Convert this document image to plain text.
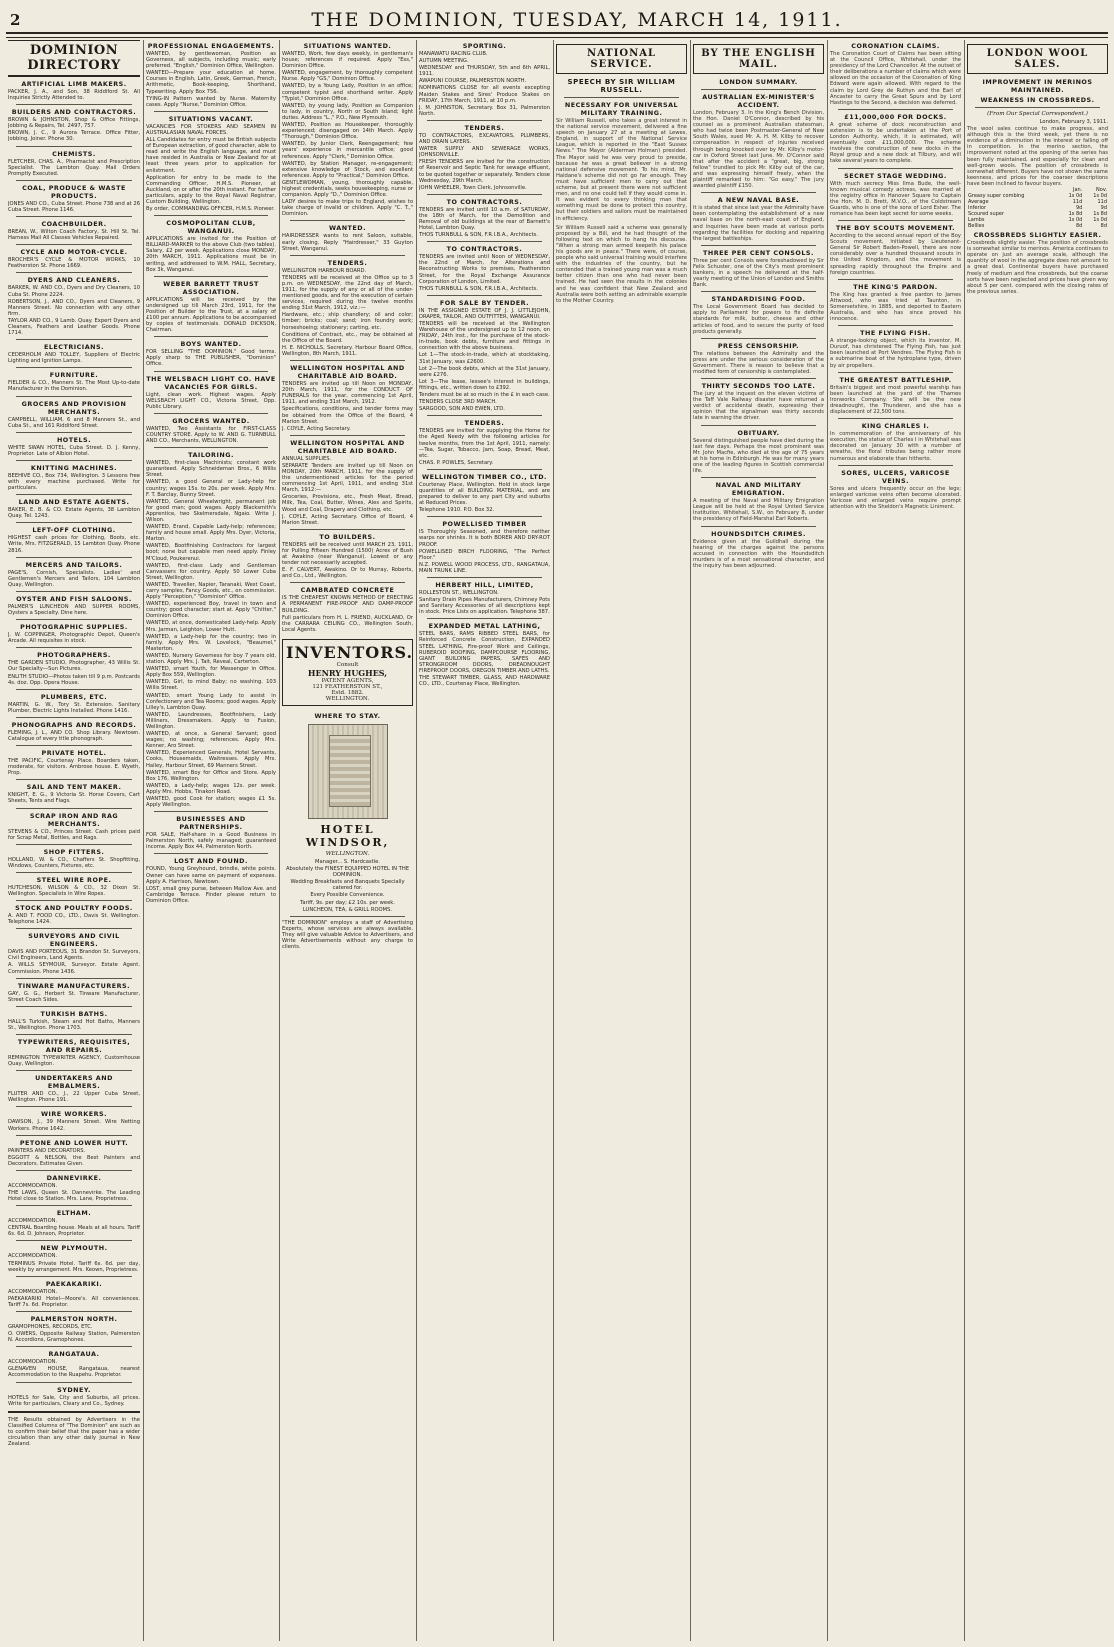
2	THE DOMINION, TUESDAY, MARCH 14, 1911.
DOMINION DIRECTORY
ARTIFICIAL LIMB MAKERS.
PACKER, J. A., and Son, 38 Riddiford St. All Inquiries Strictly Attended to.
BUILDERS AND CONTRACTORS.
BROWN & JOHNSTON, Shop & Office Fittings, Jobbing & Repairs, Tel. 2497, 757.
BROWN, J. C., 9 Aurora Terrace. Office Fitter, Jobbing, Joiner. Phone 30.
CHEMISTS.
FLETCHER, CHAS. A., Pharmacist and Prescription Specialist. The Lambton Quay. Mail Orders Promptly Executed.
COAL, PRODUCE & WASTE PRODUCTS.
JONES AND CO., Cuba Street. Phone 738 and at 26 Cuba Street. Phone 1146.
COACHBUILDER.
BREAN, W., Wilton Coach Factory, St. Hill St. Tel. Harness Mail All Classes Vehicles Repaired.
CYCLE AND MOTOR-CYCLE.
BROCHER'S CYCLE & MOTOR WORKS, 10 Featherston St. Phone 1669.
DYERS AND CLEANERS.
BARKER, W. AND CO., Dyers and Dry Cleaners, 10 Cuba St. Phone 2224.
ROBERTSON, J., AND CO., Dyers and Cleaners, 9 Manners Street. No connection with any other firm.
TAYLOR AND CO., 9 Lamb. Quay. Expert Dyers and Cleaners, Feathers and Leather Goods. Phone 1714.
ELECTRICIANS.
CEDERHOLM AND TOLLEY, Suppliers of Electric Lighting and Ignition Lamps.
FURNITURE.
FIELDER & CO., Manners St. The Most Up-to-date Manufacturer in the Dominion.
GROCERS AND PROVISION MERCHANTS.
CAMPBELL, WILLIAM, 6 and 8 Manners St., and Cuba St., and 161 Riddiford Street.
HOTELS.
WHITE SWAN HOTEL, Cuba Street. D. J. Kenny, Proprietor. Late of Albion Hotel.
KNITTING MACHINES.
BEEHIVE CO., Box 734, Wellington. 3 Lessons free with every machine purchased. Write for particulars.
LAND AND ESTATE AGENTS.
BAKER, E. B. & CO. Estate Agents, 38 Lambton Quay. Tel. 1243.
LEFT-OFF CLOTHING.
HIGHEST cash prices for Clothing, Boots, etc. Write, Mrs. FITZGERALD, 15 Lambton Quay. Phone 2816.
MERCERS AND TAILORS.
PAGE'S, Cornish, Specialists. Ladies' and Gentlemen's Mercers and Tailors, 104 Lambton Quay, Wellington.
OYSTER AND FISH SALOONS.
PALMER'S LUNCHEON AND SUPPER ROOMS, Oysters a Specialty. Dine here.
PHOTOGRAPHIC SUPPLIES.
J. W. COPPINGER, Photographic Depot, Queen's Arcade. All requisites in stock.
PHOTOGRAPHERS.
THE GARDEN STUDIO, Photographer, 43 Willis St. Our Specialty—Sun Pictures.
ENLITH STUDIO—Photos taken till 9 p.m. Postcards 4s. doz. Opp. Opera House.
PLUMBERS, ETC.
MARTIN, G. W., Tory St. Extension. Sanitary Plumber, Electric Lights Installed. Phone 1416.
PHONOGRAPHS AND RECORDS.
FLEMING, J. L., AND CO. Shop Library. Newtown. Catalogue of every title phonograph.
PRIVATE HOTEL.
THE PACIFIC, Courtenay Place. Boarders taken, moderate, for visitors. Ambrose house. E. Wyeth, Prop.
SAIL AND TENT MAKER.
KNIGHT, E. G., 9 Victoria St. Horse Covers, Cart Sheets, Tents and Flags.
SCRAP IRON AND RAG MERCHANTS.
STEVENS & CO., Princes Street. Cash prices paid for Scrap Metal, Bottles, and Rags.
SHOP FITTERS.
HOLLAND, W. & CO., Chaffers St. Shopfitting, Windows, Counters, Fixtures, etc.
STEEL WIRE ROPE.
HUTCHESON, WILSON & CO., 32 Dixon St. Wellington. Specialists in Wire Ropes.
STOCK AND POULTRY FOODS.
A. AND T. FOOD CO., LTD., Davis St. Wellington. Telephone 1424.
SURVEYORS AND CIVIL ENGINEERS.
DAVIS AND PORTEOUS, 31 Brandon St. Surveyors, Civil Engineers, Land Agents.
A. WILLS SEYMOUR, Surveyor. Estate Agent. Commission. Phone 1436.
TINWARE MANUFACTURERS.
GAY, G. G., Herbert St. Tinware Manufacturer, Street Coach Sides.
TURKISH BATHS.
HALL'S Turkish, Steam and Hot Baths, Manners St., Wellington. Phone 1703.
TYPEWRITERS, REQUISITES, AND REPAIRS.
REMINGTON TYPEWRITER AGENCY, Customhouse Quay, Wellington.
UNDERTAKERS AND EMBALMERS.
FLUTER AND CO., J., 22 Upper Cuba Street, Wellington. Phone 191.
WIRE WORKERS.
DAWSON, J., 39 Manners Street. Wire Netting Workers. Phone 1642.
PETONE AND LOWER HUTT.
PAINTERS AND DECORATORS.
EGGOTT & NELSON, the Best Painters and Decorators. Estimates Given.
DANNEVIRKE.
ACCOMMODATION.
THE LAWS, Queen St. Dannevirke. The Leading Hotel close to Station. Mrs. Lane, Proprietress.
ELTHAM.
ACCOMMODATION.
CENTRAL Boarding house. Meals at all hours. Tariff 6s. 6d. D. Johnson, Proprietor.
NEW PLYMOUTH.
ACCOMMODATION.
TERMINUS Private Hotel. Tariff 6s. 6d. per day, weekly by arrangement. Mrs. Keown, Proprietress.
PAEKAKARIKI.
ACCOMMODATION.
PAEKAKARIKI Hotel—Moore's. All conveniences. Tariff 7s. 6d. Proprietor.
PALMERSTON NORTH.
GRAMOPHONES, RECORDS, ETC.
O. OWERS, Opposite Railway Station, Palmerston N. Accordions, Gramophones.
RANGATAUA.
ACCOMMODATION.
GLENAVEN HOUSE, Rangataua, nearest Accommodation to the Ruapehu. Proprietor.
SYDNEY.
HOTELS for Sale, City and Suburbs, all prices. Write for particulars, Cleary and Co., Sydney.
THE Results obtained by Advertisers in the Classified Columns of "The Dominion" are such as to confirm their belief that the paper has a wider circulation than any other daily journal in New Zealand.
PROFESSIONAL ENGAGEMENTS.
WANTED, by gentlewoman, Position as Governess, all subjects, including music; early preferred. "English," Dominion Office, Wellington.
WANTED—Prepare your education at home. Courses in English, Latin, Greek, German, French, Arithmetic, Book-keeping, Shorthand, Typewriting. Apply Box 756.
TYING-IN Pattern wanted by Nurse. Maternity cases. Apply "Nurse," Dominion Office.
SITUATIONS VACANT.
VACANCIES FOR STOKERS AND SEAMEN IN AUSTRALASIAN NAVAL FORCES.
ALL Candidates for entry must be British subjects of European extraction, of good character, able to read and write the English language, and must have resided in Australia or New Zealand for at least three years prior to application for enlistment.
Application for entry to be made to the Commanding Officer, H.M.S. Pioneer, at Auckland, on or after the 20th instant. For further particulars, apply to the Royal Naval Registrar, Custom Building, Wellington.
By order, COMMANDING OFFICER, H.M.S. Pioneer.
COSMOPOLITAN CLUB, WANGANUI.
APPLICATIONS are invited for the Position of BILLIARD-MARKER to the above Club (two tables). Salary, £2 per week. Applications close MONDAY, 20th MARCH, 1911. Applications must be in writing, and addressed to W.M. HALL, Secretary, Box 3k, Wanganui.
WEBER BARRETT TRUST ASSOCIATION.
APPLICATIONS will be received by the undersigned up till March 23rd, 1911, for the Position of Builder to the Trust, at a salary of £100 per annum. Applications to be accompanied by copies of testimonials. DONALD DICKSON, Chairman.
BOYS WANTED.
FOR SELLING "THE DOMINION." Good terms. Apply sharp to THE PUBLISHER, "Dominion" Office.
THE WELSBACH LIGHT CO. HAVE VACANCIES FOR GIRLS.
Light, clean work. Highest wages. Apply WELSBACH LIGHT CO., Victoria Street, Opp. Public Library.
GROCERS WANTED.
WANTED, Two Assistants for FIRST-CLASS COUNTRY STORE. Apply to W. AND G. TURNBULL AND CO., Merchants, WELLINGTON.
TAILORING.
WANTED, first-class Machinists; constant work guaranteed. Apply Schneideman Bros., 6 Willis Street.
WANTED, a good General or Lady-help for country; wages 15s. to 20s. per week. Apply Mrs. F. T. Barclay, Bunny Street.
WANTED, General Wheelwright, permanent job for good man; good wages. Apply Blacksmith's Apprentice, two Skelmersdale, Ngaio. Write J. Wilson.
WANTED, Erand, Capable Lady-help; references; family and house small. Apply Mrs. Dyer, Victoria, Marton.
WANTED, Bootfinishing Contractors for largest boot; none but capable men need apply. Finley M'Cloud, Poukerenui.
WANTED, first-class Lady and Gentleman Canvassers for country. Apply 50 Lower Cuba Street, Wellington.
WANTED, Traveller, Napier, Taranaki, West Coast, carry samples, Fancy Goods, etc., on commission. Apply "Perception," "Dominion" Office.
WANTED, experienced Boy, travel in town and country; good character; start at. Apply "Chitter," Dominion Office.
WANTED, at once, domesticated Lady-help. Apply Mrs. Jarman, Leighton, Lower Hutt.
WANTED, a Lady-help for the country; two in family. Apply Mrs. W. Lovelock, "Beaumel," Masterton.
WANTED, Nursery Governess for boy 7 years old, station. Apply Mrs. J. Tait, Reveal, Carterton.
WANTED, smart Youth, for Messenger in Office. Apply Box 559, Wellington.
WANTED, Girl, to mind Baby; no washing. 103 Willis Street.
WANTED, smart Young Lady to assist in Confectionery and Tea Rooms; good wages. Apply Lilley's, Lambton Quay.
WANTED, Laundresses, Bootfinishers, Lady Milliners, Dressmakers. Apply to Fusion, Wellington.
WANTED, at once, a General Servant; good wages; no washing; references. Apply Mrs. Kenner, Aro Street.
WANTED, Experienced Generals, Hotel Servants, Cooks, Housemaids, Waitresses. Apply Mrs. Halley, Harbour Street, 69 Manners Street.
WANTED, smart Boy for Office and Store. Apply Box 176, Wellington.
WANTED, a Lady-help; wages 12s. per week. Apply Mrs. Hobbs, Tinakori Road.
WANTED, good Cook for station; wages £1 5s. Apply Wellington.
BUSINESSES AND PARTNERSHIPS.
FOR SALE, Half-share in a Good Business in Palmerston North, safely managed; guaranteed income. Apply Box 44, Palmerston North.
LOST AND FOUND.
FOUND, Young Greyhound, brindle, white points. Owner can have same on payment of expenses. Apply A. Harrison, Newtown.
LOST, small grey purse, between Mallow Ave. and Cambridge Terrace. Finder please return to Dominion Office.
SITUATIONS WANTED.
WANTED, Work, few days weekly, in gentleman's house; references if required. Apply "Ess," Dominion Office.
WANTED, engagement, by thoroughly competent Nurse. Apply "GS," Dominion Office.
WANTED, by a Young Lady, Position in an office; competent typist and shorthand writer. Apply "Typist," Dominion Office.
WANTED, by young lady, Position as Companion to lady, in country, North or South Island; light duties. Address "L.," P.O., New Plymouth.
WANTED, Position as Housekeeper, thoroughly experienced; disengaged on 14th March. Apply "Thorough," Dominion Office.
WANTED, by Junior Clerk, Reengagement; few years' experience in mercantile office; good references. Apply "Clerk," Dominion Office.
WANTED, by Station Manager, re-engagement; extensive knowledge of Stock, and excellent references. Apply to "Practical," Dominion Office.
GENTLEWOMAN, young, thoroughly capable, highest credentials, seeks housekeeping, nurse or companion. Apply "D.," Dominion Office.
LADY desires to make trips to England, wishes to take charge of invalid or children. Apply "C. T.," Dominion.
WANTED.
HAIRDRESSER wants to rent Saloon, suitable, early closing. Reply "Hairdresser," 33 Guyton Street, Wanganui.
TENDERS.
WELLINGTON HARBOUR BOARD.
TENDERS will be received at the Office up to 3 p.m. on WEDNESDAY, the 22nd day of March, 1911, for the supply of any or all of the under-mentioned goods, and for the execution of certain services, required during the twelve months ending 31st March, 1912, viz.:—
Hardware, etc.; ship chandlery; oil and color; timber; bricks; coal; sand; iron foundry work; horseshoeing; stationery; carting, etc.
Conditions of Contract, etc., may be obtained at the Office of the Board.
H. E. NICHOLLS, Secretary. Harbour Board Office, Wellington, 8th March, 1911.
WELLINGTON HOSPITAL AND CHARITABLE AID BOARD.
TENDERS are invited up till Noon on MONDAY, 20th March, 1911, for the CONDUCT OF FUNERALS for the year, commencing 1st April, 1911, and ending 31st March, 1912.
Specifications, conditions, and tender forms may be obtained from the Office of the Board, 4 Marion Street.
J. COYLE, Acting Secretary.
WELLINGTON HOSPITAL AND CHARITABLE AID BOARD.
ANNUAL SUPPLIES.
SEPARATE Tenders are invited up till Noon on MONDAY, 20th MARCH, 1911, for the supply of the undermentioned articles for the period commencing 1st April, 1911, and ending 31st March, 1912:—
Groceries, Provisions, etc., Fresh Meat, Bread, Milk, Tea, Coal, Butter, Wines, Ales and Spirits, Wood and Coal, Drapery and Clothing, etc.
J. COYLE, Acting Secretary. Office of Board, 4 Marion Street.
TO BUILDERS.
TENDERS will be received until MARCH 23, 1911, for Pulling Fifteen Hundred (1500) Acres of Bush at Awakino (near Wanganui). Lowest or any tender not necessarily accepted.
E. F. CALVERT, Awakino. Or to Murray, Roberts, and Co., Ltd., Wellington.
CAMBRATED CONCRETE
IS THE CHEAPEST KNOWN METHOD OF ERECTING A PERMANENT FIRE-PROOF AND DAMP-PROOF BUILDING.
Full particulars from H. L. FRIEND, AUCKLAND, Or the CARRARA CEILING CO., Wellington South, Local Agents.
INVENTORS.
Consult
HENRY HUGHES,
PATENT AGENTS,
121 FEATHERSTON ST.,
Estd. 1882.
WELLINGTON.
WHERE TO STAY.
HOTEL WINDSOR,
WELLINGTON.
Manager... S. Hardcastle.
Absolutely the FINEST EQUIPPED HOTEL IN THE DOMINION.
Wedding Breakfasts and Banquets Specially catered for.
Every Possible Convenience.
Tariff, 9s. per day; £2 10s. per week.
LUNCHEON, TEA, & GRILL ROOMS.
"THE DOMINION" employs a staff of Advertising Experts, whose services are always available. They will give valuable Advice to Advertisers, and Write Advertisements without any charge to clients.
SPORTING.
MANAWATU RACING CLUB.
AUTUMN MEETING.
WEDNESDAY and THURSDAY, 5th and 6th APRIL, 1911.
AWAPUNI COURSE, PALMERSTON NORTH.
NOMINATIONS CLOSE for all events excepting Maiden Stakes and Sires' Produce Stakes on FRIDAY, 17th March, 1911, at 10 p.m.
J. M. JOHNSTON, Secretary. Box 31, Palmerston North.
TENDERS.
TO CONTRACTORS, EXCAVATORS, PLUMBERS, AND DRAIN LAYERS.
WATER SUPPLY AND SEWERAGE WORKS, JOHNSONVILLE.
FRESH TENDERS are invited for the construction of Reservoir and Septic Tank for sewage effluent, to be quoted together or separately. Tenders close Wednesday, 29th March.
JOHN WHEELER, Town Clerk, Johnsonville.
TO CONTRACTORS.
TENDERS are invited until 10 a.m. of SATURDAY, the 18th of March, for the Demolition and Removal of old buildings at the rear of Barnett's Hotel, Lambton Quay.
THOS TURNBULL & SON, F.R.I.B.A., Architects.
TO CONTRACTORS.
TENDERS are invited until Noon of WEDNESDAY, the 22nd of March, for Alterations and Reconstructing Works to premises, Featherston Street, for the Royal Exchange Assurance Corporation of London, Limited.
THOS TURNBULL & SON, F.R.I.B.A., Architects.
FOR SALE BY TENDER.
IN THE ASSIGNED ESTATE OF J. J. LITTLEJOHN, DRAPER, TAILOR, AND OUTFITTER, WANGANUI.
TENDERS will be received at the Wellington Warehouse of the undersigned up to 12 noon, on FRIDAY, 24th inst., for the purchase of the stock-in-trade, book debts, furniture and fittings in connection with the above business.
Lot 1—The stock-in-trade, which at stocktaking, 31st January, was £2600.
Lot 2—The book debts, which at the 31st January, were £276.
Lot 3—The lease, lessee's interest in buildings, fittings, etc., written down to £392.
Tenders must be at so much in the £ in each case.
TENDERS CLOSE 3RD MARCH.
SARGOOD, SON AND EWEN, LTD.
TENDERS.
TENDERS are invited for supplying the Home for the Aged Needy with the following articles for twelve months, from the 1st April, 1911, namely:—Tea, Sugar, Tobacco, Jam, Soap, Bread, Meat, etc.
CHAS. P. POWLES, Secretary.
WELLINGTON TIMBER CO., LTD.
Courtenay Place, Wellington. Hold in stock large quantities of all BUILDING MATERIAL, and are prepared to deliver to any part City and suburbs at Reduced Prices.
Telephone 1910. P.O. Box 32.
POWELLISED TIMBER
IS Thoroughly Seasoned, and therefore neither warps nor shrinks. It is both BORER AND DRY-ROT PROOF.
POWELLISED BIRCH FLOORING, "The Perfect Floor."
N.Z. POWELL WOOD PROCESS, LTD., RANGATAUA, MAIN TRUNK LINE.
HERBERT HILL, LIMITED,
ROLLESTON ST., WELLINGTON.
Sanitary Drain Pipes Manufacturers, Chimney Pots and Sanitary Accessories of all descriptions kept in stock. Price Lists on application. Telephone 387.
EXPANDED METAL LATHING,
STEEL BARS, RAMS RIBBED STEEL BARS, for Reinforced Concrete Construction, EXPANDED STEEL LATHING, Fire-proof Work and Ceilings, RUBEROID ROOFING, DAMPCOURSE FLOORING, GIANT BUILDING PAPERS, SAFES AND STRONGROOM DOORS, DREADNOUGHT FIREPROOF DOORS, OREGON TIMBER AND LATHS.
THE STEWART TIMBER, GLASS, AND HARDWARE CO., LTD., Courtenay Place, Wellington.
NATIONAL SERVICE.
SPEECH BY SIR WILLIAM RUSSELL.
NECESSARY FOR UNIVERSAL MILITARY TRAINING.
Sir William Russell, who takes a great interest in the national service movement, delivered a fine speech on January 27 at a meeting at Lewes, England, in support of the National Service League, which is reported in the "East Sussex News." The Mayor (Alderman Holman) presided. The Mayor said he was very proud to preside, because he was a great believer in a strong national defensive movement. To his mind, Mr. Haldane's scheme did not go far enough. They must have sufficient men to carry out that scheme, but at present there were not sufficient men, and no one could tell if they would come in. It was evident to every thinking man that something must be done to protect this country, but their soldiers and sailors must be maintained in efficiency.
Sir William Russell said a scheme was generally proposed by a Bill, and he had thought of the following text on which to hang his discourse. "When a strong man armed keepeth his palace his goods are in peace." There were, of course, people who said universal training would interfere with the industries of the country, but he contended that a trained young man was a much better citizen than one who had never been trained. He had seen the results in the colonies and he was confident that New Zealand and Australia were both setting an admirable example to the Mother Country.
BY THE ENGLISH MAIL.
LONDON SUMMARY.
AUSTRALIAN EX-MINISTER'S ACCIDENT.
London, February 3. In the King's Bench Division, the Hon. Daniel O'Connor, described by his counsel as a prominent Australian statesman, who had twice been Postmaster-General of New South Wales, sued Mr. A. H. M. Kilby to recover compensation in respect of injuries received through being knocked over by Mr. Kilby's motor-car in Oxford Street last June. Mr. O'Connor said that after the accident a "great, big, strong fellow" trundled to pick Mr. Kilby out of the car, and was expressing himself freely, when the plaintiff remarked to him: "Go easy." The jury awarded plaintiff £150.
A NEW NAVAL BASE.
It is stated that since last year the Admiralty have been contemplating the establishment of a new naval base on the north-east coast of England, and inquiries have been made at various ports regarding the facilities for docking and repairing the largest battleships.
THREE PER CENT CONSOLS.
Three per cent Consols were foreshadowed by Sir Felix Schuster, one of the City's most prominent bankers, in a speech he delivered at the half-yearly meeting of the Union of London and Smiths Bank.
STANDARDISING FOOD.
The Local Government Board has decided to apply to Parliament for powers to fix definite standards for milk, butter, cheese and other articles of food, and to secure the purity of food products generally.
PRESS CENSORSHIP.
The relations between the Admiralty and the press are under the serious consideration of the Government. There is reason to believe that a modified form of censorship is contemplated.
THIRTY SECONDS TOO LATE.
The jury at the inquest on the eleven victims of the Taff Vale Railway disaster have returned a verdict of accidental death, expressing their opinion that the signalman was thirty seconds late in warning the driver.
OBITUARY.
Several distinguished people have died during the last few days. Perhaps the most prominent was Mr. John Macfie, who died at the age of 75 years at his home in Edinburgh. He was for many years one of the leading figures in Scottish commercial life.
NAVAL AND MILITARY EMIGRATION.
A meeting of the Naval and Military Emigration League will be held at the Royal United Service Institution, Whitehall, S.W., on February 8, under the presidency of Field-Marshal Earl Roberts.
HOUNDSDITCH CRIMES.
Evidence given at the Guildhall during the hearing of the charges against the persons accused in connection with the Houndsditch murders is of a most sensational character, and the inquiry has been adjourned.
CORONATION CLAIMS.
The Coronation Court of Claims has been sitting at the Council Office, Whitehall, under the presidency of the Lord Chancellor. At the outset of their deliberations a number of claims which were allowed on the occasion of the Coronation of King Edward were again allowed. With regard to the claim by Lord Grey de Ruthyn and the Earl of Ancaster to carry the Great Spurs and by Lord Hastings to the Second, a decision was deferred.
£11,000,000 FOR DOCKS.
A great scheme of dock reconstruction and extension is to be undertaken at the Port of London Authority, which, it is estimated, will eventually cost £11,000,000. The scheme involves the construction of new docks in the Royal group and a new dock at Tilbury, and will take several years to complete.
SECRET STAGE WEDDING.
With much secrecy Miss Ilma Bude, the well-known musical comedy actress, was married at the registry office in Hanover Square to Captain the Hon. M. D. Brett, M.V.O., of the Coldstream Guards, who is one of the sons of Lord Esher. The romance has been kept secret for some weeks.
THE BOY SCOUTS MOVEMENT.
According to the second annual report of the Boy Scouts movement, initiated by Lieutenant-General Sir Robert Baden-Powell, there are now considerably over a hundred thousand scouts in the United Kingdom, and the movement is spreading rapidly throughout the Empire and foreign countries.
THE KING'S PARDON.
The King has granted a free pardon to James Attwood, who was tried at Taunton, in Somersetshire, in 1885, and deported to Eastern Australia, and who has since proved his innocence.
THE FLYING FISH.
A strange-looking object, which its inventor, M. Duruof, has christened The Flying Fish, has just been launched at Port Vendres. The Flying Fish is a submarine boat of the hydroplane type, driven by air propellers.
THE GREATEST BATTLESHIP.
Britain's biggest and most powerful warship has been launched at the yard of the Thames Ironworks Company. She will be the new dreadnought, the Thunderer, and she has a displacement of 22,500 tons.
KING CHARLES I.
In commemoration of the anniversary of his execution, the statue of Charles I in Whitehall was decorated on January 30 with a number of wreaths, the floral tributes being rather more numerous and elaborate than hitherto.
SORES, ULCERS, VARICOSE VEINS.
Sores and ulcers frequently occur on the legs; enlarged varicose veins often become ulcerated. Varicose and enlarged veins require prompt attention with the Sheldon's Magnetic Liniment.
LONDON WOOL SALES.
IMPROVEMENT IN MERINOS MAINTAINED.
WEAKNESS IN CROSSBREDS.
(From Our Special Correspondent.)
London, February 3, 1911.
The wool sales continue to make progress, and although this is the third week, yet there is no evidence of a diminution in the interest or falling off in competition. In the merino section, the improvement noted at the opening of the series has been fully maintained, and especially for clean and well-grown wools. The position of crossbreds is somewhat different. Buyers have not shown the same keenness, and prices for the coarser descriptions have been inclined to favour buyers.
	Jan.	Nov.
Greasy super combing	1s 0d	1s 0d
Average	11d	11d
Inferior	9d	9d
Scoured super	1s 8d	1s 8d
Lambs	1s 0d	1s 0d
Bellies	8d	8d
CROSSBREDS SLIGHTLY EASIER.
Crossbreds slightly easier. The position of crossbreds is somewhat similar to merinos. America continues to operate on just an average scale, although the quantity of wool in the aggregate does not amount to a great deal. Continental buyers have purchased freely of medium and fine crossbreds, but the coarse sorts have been neglected and prices have given way about 5 per cent. compared with the closing rates of the previous series.
